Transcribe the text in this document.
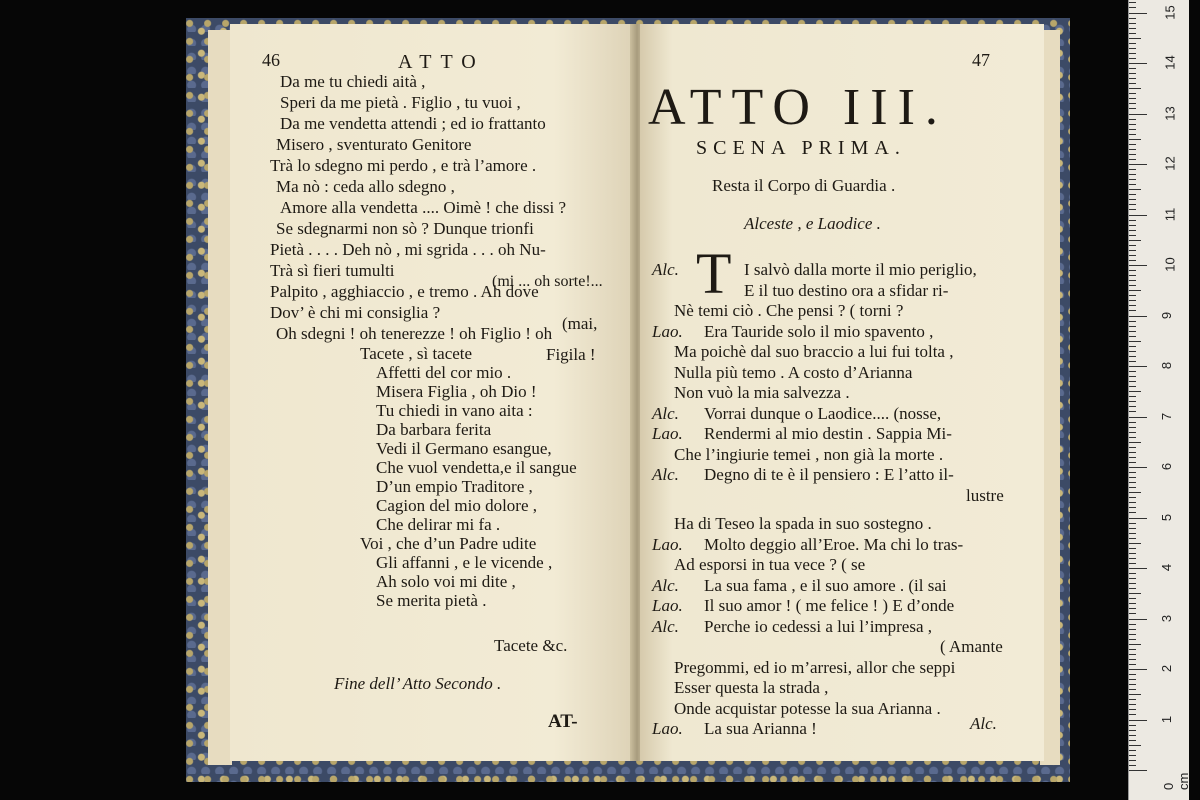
46	ATTO
Da me tu chiedi aità ,
Speri da me pietà . Figlio , tu vuoi ,
Da me vendetta attendi ; ed io frattanto
Misero , sventurato Genitore
Trà lo sdegno mi perdo , e trà l’amore .
Ma nò : ceda allo sdegno ,
Amore alla vendetta .... Oimè ! che dissi ?
Se sdegnarmi non sò ? Dunque trionfi
Pietà . . . . Deh nò , mi sgrida . . . oh Nu-
Trà sì fieri tumulti
Palpito , agghiaccio , e tremo . Ah dove
Dov’ è chi mi consiglia ?
Oh sdegni ! oh tenerezze ! oh Figlio ! oh
Figila !
(mi ... oh sorte!...
(mai,
Tacete , sì tacete
Affetti del cor mio .
Misera Figlia , oh Dio !
Tu chiedi in vano aita :
Da barbara ferita
Vedi il Germano esangue,
Che vuol vendetta,e il sangue
D’un empio Traditore ,
Cagion del mio dolore ,
Che delirar mi fa .
Voi , che d’un Padre udite
Gli affanni , e le vicende ,
Ah solo voi mi dite ,
Se merita pietà .
Tacete &c.
Fine dell’ Atto Secondo .
AT-
47
ATTO III.
SCENA PRIMA.
Resta il Corpo di Guardia .
Alceste , e Laodice .
T
Alc.	I salvò dalla morte il mio periglio,
E il tuo destino ora a sfidar ri-
Nè temi ciò . Che pensi ? ( torni ?
Lao. Era Tauride solo il mio spavento ,
Ma poichè dal suo braccio a lui fui tolta ,
Nulla più temo . A costo d’Arianna
Non vuò la mia salvezza .
Alc. Vorrai dunque o Laodice.... (nosse,
Lao. Rendermi al mio destin . Sappia Mi-
Che l’ingiurie temei , non già la morte .
Alc. Degno di te è il pensiero : E l’atto il-
lustre
Ha di Teseo la spada in suo sostegno .
Lao. Molto deggio all’Eroe. Ma chi lo tras-
Ad esporsi in tua vece ? ( se
Alc. La sua fama , e il suo amore . (il sai
Lao. Il suo amor ! ( me felice ! ) E d’onde
Alc. Perche io cedessi a lui l’impresa ,
( Amante
Pregommi, ed io m’arresi, allor che seppi
Esser questa la strada ,
Onde acquistar potesse la sua Arianna .
Lao. La sua Arianna !	Alc.
0 cm
1
2
3
4
5
6
7
8
9
10
11
12
13
14
15
